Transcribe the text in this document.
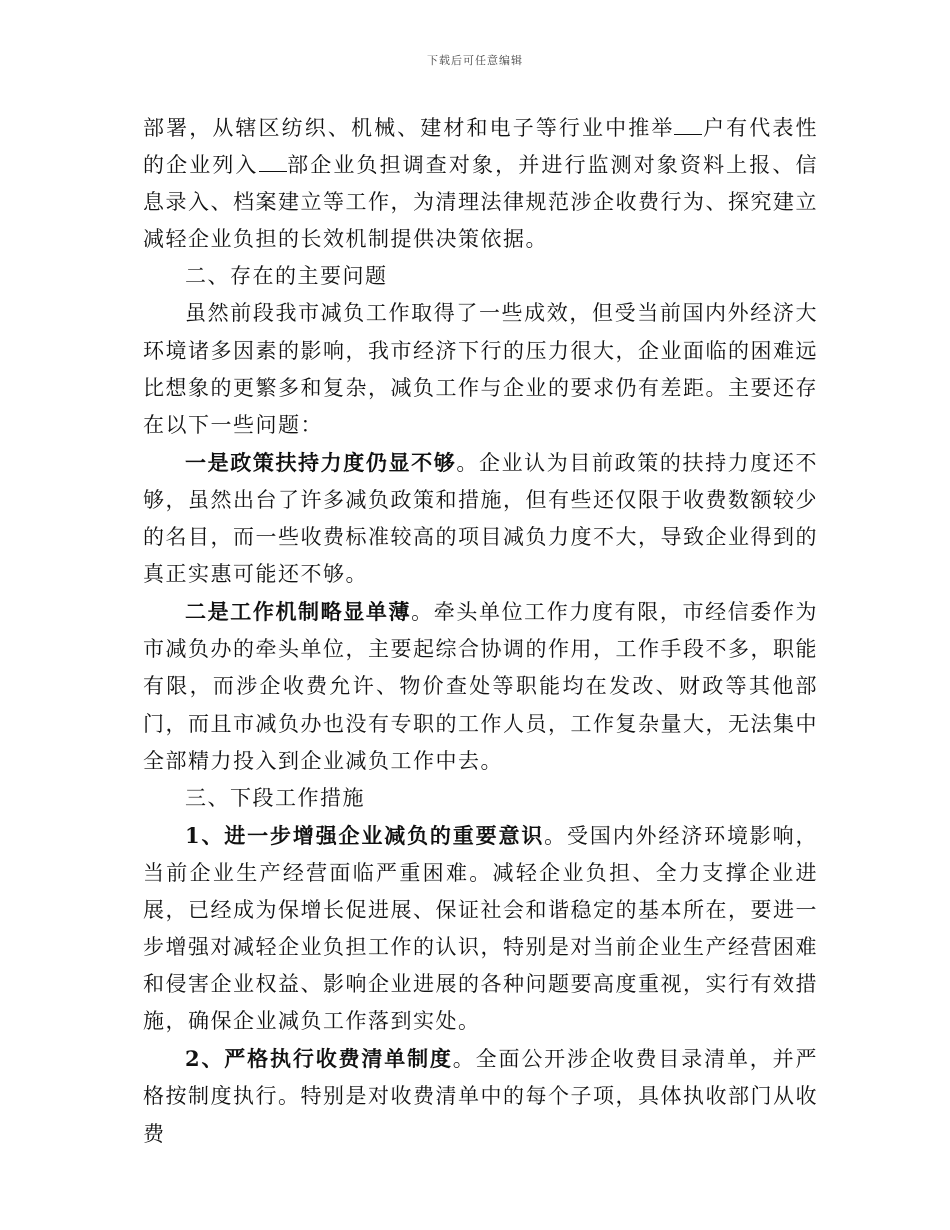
下载后可任意编辑

部署，从辖区纺织、机械、建材和电子等行业中推举 户有代表性的企业列入 部企业负担调查对象，并进行监测对象资料上报、信息录入、档案建立等工作，为清理法律规范涉企收费行为、探究建立减轻企业负担的长效机制提供决策依据。

二、存在的主要问题

虽然前段我市减负工作取得了一些成效，但受当前国内外经济大环境诸多因素的影响，我市经济下行的压力很大，企业面临的困难远比想象的更繁多和复杂，减负工作与企业的要求仍有差距。主要还存在以下一些问题：

一是政策扶持力度仍显不够。企业认为目前政策的扶持力度还不够，虽然出台了许多减负政策和措施，但有些还仅限于收费数额较少的名目，而一些收费标准较高的项目减负力度不大，导致企业得到的真正实惠可能还不够。

二是工作机制略显单薄。牵头单位工作力度有限，市经信委作为市减负办的牵头单位，主要起综合协调的作用，工作手段不多，职能有限，而涉企收费允许、物价查处等职能均在发改、财政等其他部门，而且市减负办也没有专职的工作人员，工作复杂量大，无法集中全部精力投入到企业减负工作中去。

三、下段工作措施

1、进一步增强企业减负的重要意识。受国内外经济环境影响，当前企业生产经营面临严重困难。减轻企业负担、全力支撑企业进展，已经成为保增长促进展、保证社会和谐稳定的基本所在，要进一步增强对减轻企业负担工作的认识，特别是对当前企业生产经营困难和侵害企业权益、影响企业进展的各种问题要高度重视，实行有效措施，确保企业减负工作落到实处。

2、严格执行收费清单制度。全面公开涉企收费目录清单，并严格按制度执行。特别是对收费清单中的每个子项，具体执收部门从收费
